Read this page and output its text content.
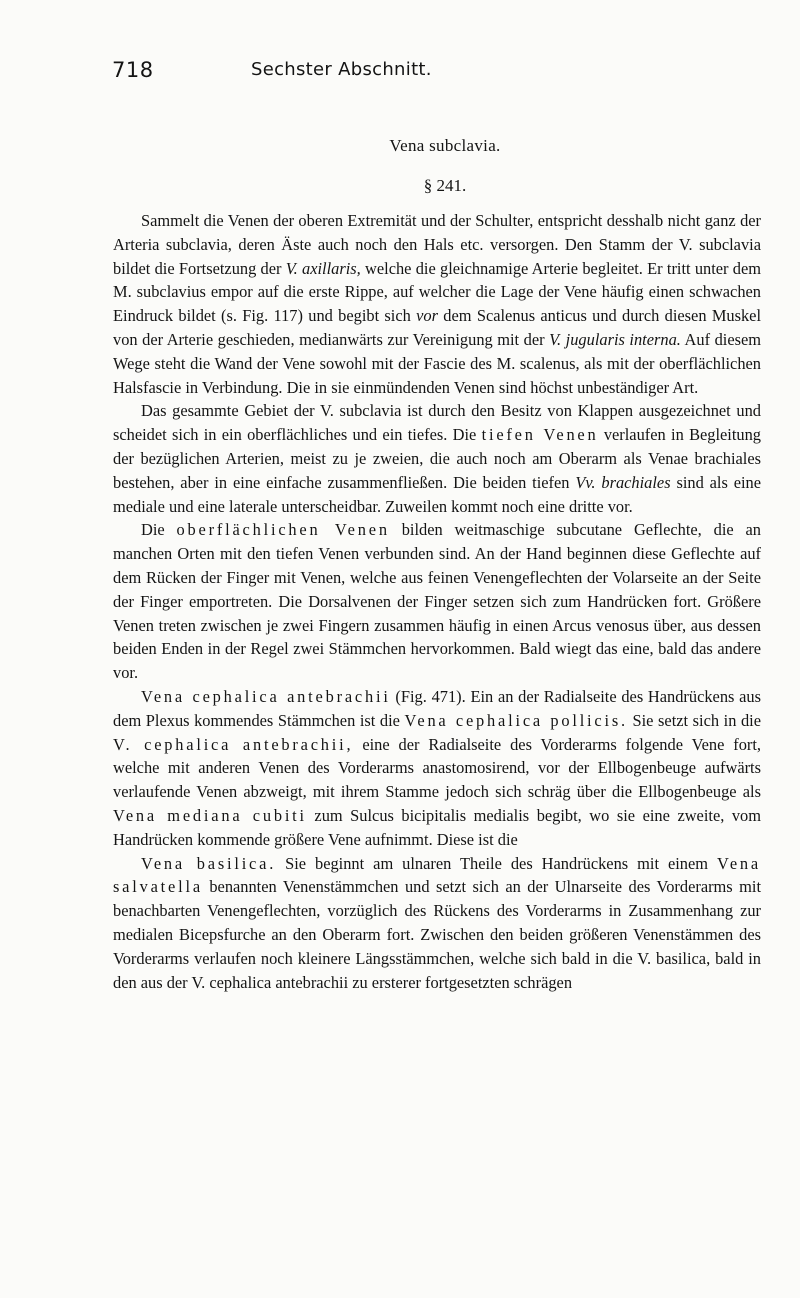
718	Sechster Abschnitt.
Vena subclavia.
§ 241.

Sammelt die Venen der oberen Extremität und der Schulter, entspricht desshalb nicht ganz der Arteria subclavia, deren Äste auch noch den Hals etc. versorgen. Den Stamm der V. subclavia bildet die Fortsetzung der V. axillaris, welche die gleichnamige Arterie begleitet. Er tritt unter dem M. subclavius empor auf die erste Rippe, auf welcher die Lage der Vene häufig einen schwachen Eindruck bildet (s. Fig. 117) und begibt sich vor dem Scalenus anticus und durch diesen Muskel von der Arterie geschieden, medianwärts zur Vereinigung mit der V. jugularis interna. Auf diesem Wege steht die Wand der Vene sowohl mit der Fascie des M. scalenus, als mit der oberflächlichen Halsfascie in Verbindung. Die in sie einmündenden Venen sind höchst unbeständiger Art.

Das gesammte Gebiet der V. subclavia ist durch den Besitz von Klappen ausgezeichnet und scheidet sich in ein oberflächliches und ein tiefes. Die tiefen Venen verlaufen in Begleitung der bezüglichen Arterien, meist zu je zweien, die auch noch am Oberarm als Venae brachiales bestehen, aber in eine einfache zusammenfließen. Die beiden tiefen Vv. brachiales sind als eine mediale und eine laterale unterscheidbar. Zuweilen kommt noch eine dritte vor.

Die oberflächlichen Venen bilden weitmaschige subcutane Geflechte, die an manchen Orten mit den tiefen Venen verbunden sind. An der Hand beginnen diese Geflechte auf dem Rücken der Finger mit Venen, welche aus feinen Venengeflechten der Volarseite an der Seite der Finger emportreten. Die Dorsalvenen der Finger setzen sich zum Handrücken fort. Größere Venen treten zwischen je zwei Fingern zusammen häufig in einen Arcus venosus über, aus dessen beiden Enden in der Regel zwei Stämmchen hervorkommen. Bald wiegt das eine, bald das andere vor.

Vena cephalica antebrachii (Fig. 471). Ein an der Radialseite des Handrückens aus dem Plexus kommendes Stämmchen ist die Vena cephalica pollicis. Sie setzt sich in die V. cephalica antebrachii, eine der Radialseite des Vorderarms folgende Vene fort, welche mit anderen Venen des Vorderarms anastomosirend, vor der Ellbogenbeuge aufwärts verlaufende Venen abzweigt, mit ihrem Stamme jedoch sich schräg über die Ellbogenbeuge als Vena mediana cubiti zum Sulcus bicipitalis medialis begibt, wo sie eine zweite, vom Handrücken kommende größere Vene aufnimmt. Diese ist die

Vena basilica. Sie beginnt am ulnaren Theile des Handrückens mit einem Vena salvatella benannten Venenstämmchen und setzt sich an der Ulnarseite des Vorderarms mit benachbarten Venengeflechten, vorzüglich des Rückens des Vorderarms in Zusammenhang zur medialen Bicepsfurche an den Oberarm fort. Zwischen den beiden größeren Venenstämmen des Vorderarms verlaufen noch kleinere Längsstämmchen, welche sich bald in die V. basilica, bald in den aus der V. cephalica antebrachii zu ersterer fortgesetzten schrägen
